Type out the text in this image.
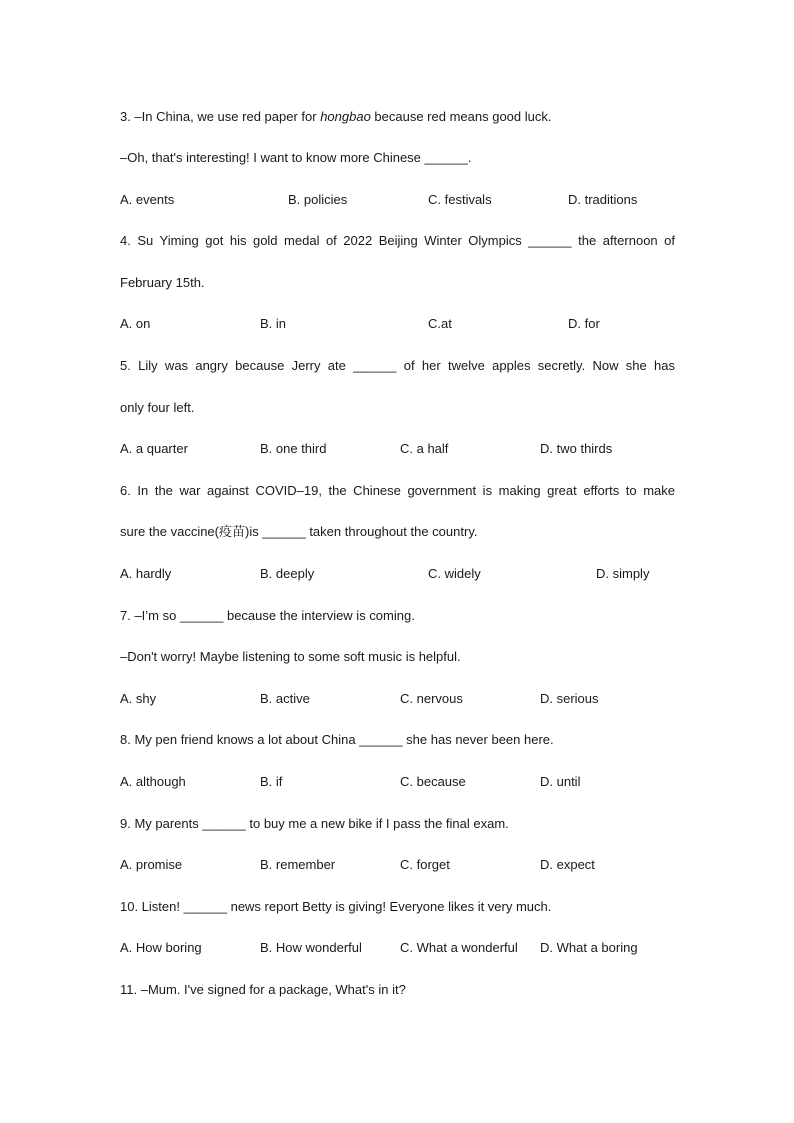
3. –In China, we use red paper for hongbao because red means good luck.
–Oh, that's interesting! I want to know more Chinese ______.
A. events	B. policies	C. festivals	D. traditions
4. Su Yiming got his gold medal of 2022 Beijing Winter Olympics ______ the afternoon of
February 15th.
A. on	B. in	C.at	D. for
5. Lily was angry because Jerry ate ______ of her twelve apples secretly. Now she has
only four left.
A. a quarter	B. one third	C. a half	D. two thirds
6. In the war against COVID–19, the Chinese government is making great efforts to make
sure the vaccine(疫苗)is ______ taken throughout the country.
A. hardly	B. deeply	C. widely	D. simply
7. –I’m so ______ because the interview is coming.
–Don't worry! Maybe listening to some soft music is helpful.
A. shy	B. active	C. nervous	D. serious
8. My pen friend knows a lot about China ______ she has never been here.
A. although	B. if	C. because	D. until
9. My parents ______ to buy me a new bike if I pass the final exam.
A. promise	B. remember	C. forget	D. expect
10. Listen! ______ news report Betty is giving! Everyone likes it very much.
A. How boring	B. How wonderful	C. What a wonderful D. What a boring
11. –Mum. I've signed for a package, What's in it?
